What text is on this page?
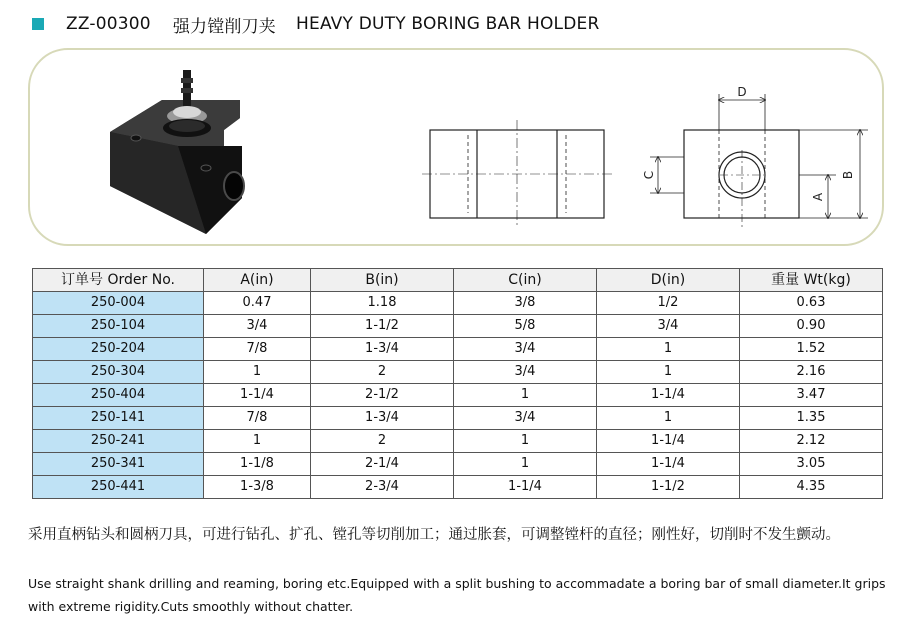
ZZ-00300 强力镗削刀夹 HEAVY DUTY BORING BAR HOLDER
D
C	B
A
订单号 Order No.	A(in)	B(in)	C(in)	D(in)	重量 Wt(kg)
250-004	0.47	1.18	3/8	1/2	0.63
250-104	3/4	1-1/2	5/8	3/4	0.90
250-204	7/8	1-3/4	3/4	1	1.52
250-304	1	2	3/4	1	2.16
250-404	1-1/4	2-1/2	1	1-1/4	3.47
250-141	7/8	1-3/4	3/4	1	1.35
250-241	1	2	1	1-1/4	2.12
250-341	1-1/8	2-1/4	1	1-1/4	3.05
250-441	1-3/8	2-3/4	1-1/4	1-1/2	4.35
采用直柄钻头和圆柄刀具，可进行钻孔、扩孔、镗孔等切削加工；通过胀套，可调整镗杆的直径；刚性好，切削时不发生颤动。
Use straight shank drilling and reaming, boring etc.Equipped with a split bushing to accommadate a boring bar of small diameter.It grips with extreme rigidity.Cuts smoothly without chatter.
